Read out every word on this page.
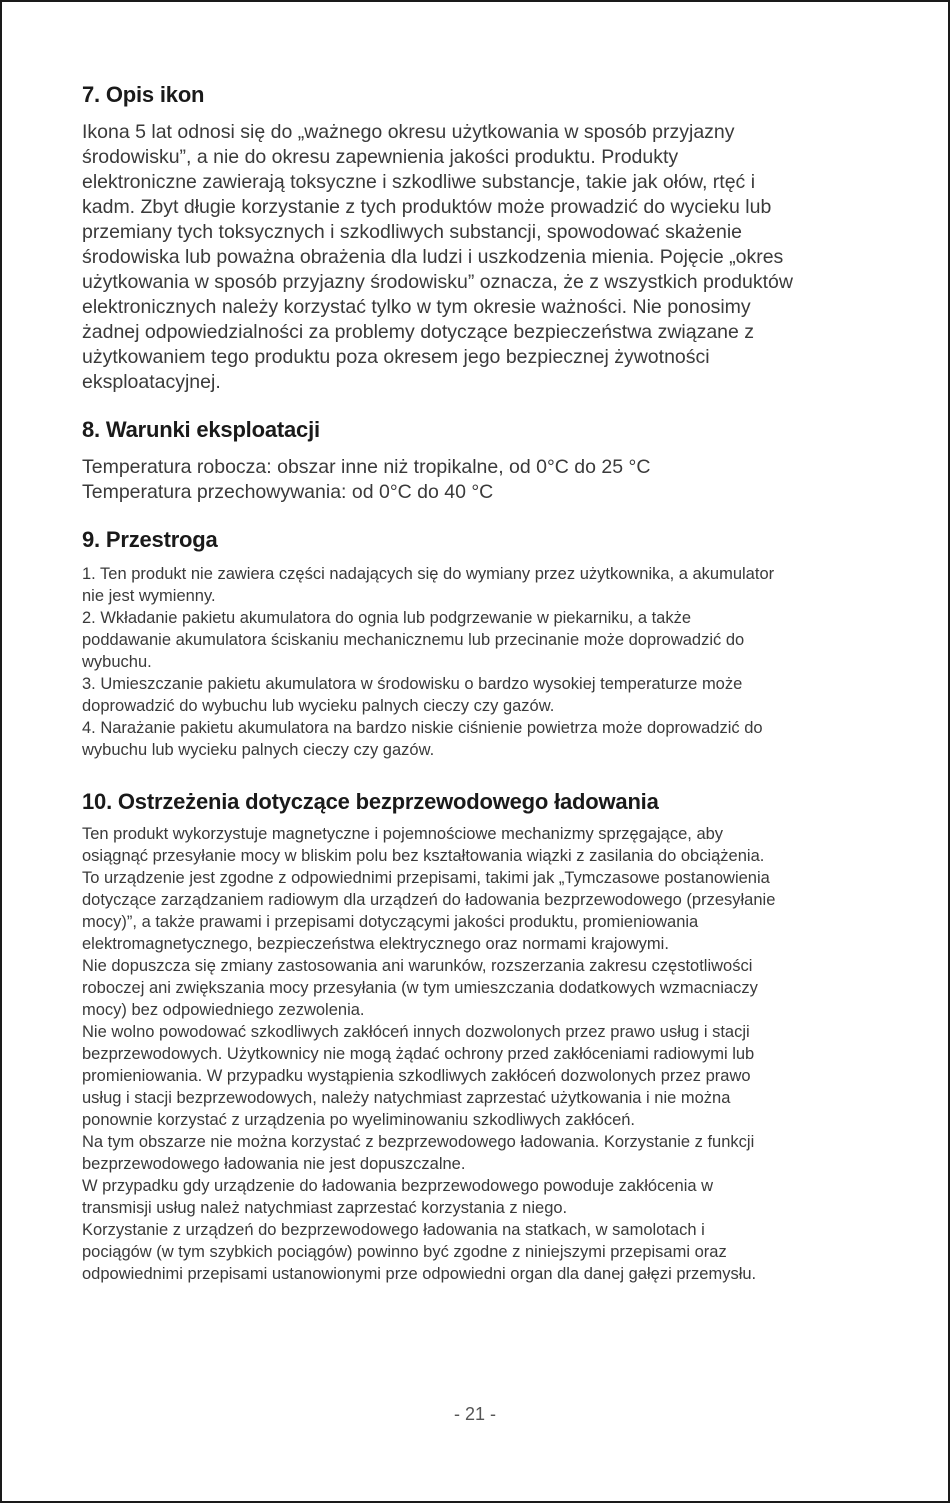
7. Opis ikon

Ikona 5 lat odnosi się do „ważnego okresu użytkowania w sposób przyjazny
środowisku”, a nie do okresu zapewnienia jakości produktu. Produkty
elektroniczne zawierają toksyczne i szkodliwe substancje, takie jak ołów, rtęć i
kadm. Zbyt długie korzystanie z tych produktów może prowadzić do wycieku lub
przemiany tych toksycznych i szkodliwych substancji, spowodować skażenie
środowiska lub poważna obrażenia dla ludzi i uszkodzenia mienia. Pojęcie „okres
użytkowania w sposób przyjazny środowisku” oznacza, że z wszystkich produktów
elektronicznych należy korzystać tylko w tym okresie ważności. Nie ponosimy
żadnej odpowiedzialności za problemy dotyczące bezpieczeństwa związane z
użytkowaniem tego produktu poza okresem jego bezpiecznej żywotności
eksploatacyjnej.

8. Warunki eksploatacji

Temperatura robocza: obszar inne niż tropikalne, od 0°C do 25 °C
Temperatura przechowywania: od 0°C do 40 °C

9. Przestroga

1. Ten produkt nie zawiera części nadających się do wymiany przez użytkownika, a akumulator
nie jest wymienny.
2. Wkładanie pakietu akumulatora do ognia lub podgrzewanie w piekarniku, a także
poddawanie akumulatora ściskaniu mechanicznemu lub przecinanie może doprowadzić do
wybuchu.
3. Umieszczanie pakietu akumulatora w środowisku o bardzo wysokiej temperaturze może
doprowadzić do wybuchu lub wycieku palnych cieczy czy gazów.
4. Narażanie pakietu akumulatora na bardzo niskie ciśnienie powietrza może doprowadzić do
wybuchu lub wycieku palnych cieczy czy gazów.

10. Ostrzeżenia dotyczące bezprzewodowego ładowania

Ten produkt wykorzystuje magnetyczne i pojemnościowe mechanizmy sprzęgające, aby
osiągnąć przesyłanie mocy w bliskim polu bez kształtowania wiązki z zasilania do obciążenia.
To urządzenie jest zgodne z odpowiednimi przepisami, takimi jak „Tymczasowe postanowienia
dotyczące zarządzaniem radiowym dla urządzeń do ładowania bezprzewodowego (przesyłanie
mocy)”, a także prawami i przepisami dotyczącymi jakości produktu, promieniowania
elektromagnetycznego, bezpieczeństwa elektrycznego oraz normami krajowymi.
Nie dopuszcza się zmiany zastosowania ani warunków, rozszerzania zakresu częstotliwości
roboczej ani zwiększania mocy przesyłania (w tym umieszczania dodatkowych wzmacniaczy
mocy) bez odpowiedniego zezwolenia.
Nie wolno powodować szkodliwych zakłóceń innych dozwolonych przez prawo usług i stacji
bezprzewodowych. Użytkownicy nie mogą żądać ochrony przed zakłóceniami radiowymi lub
promieniowania. W przypadku wystąpienia szkodliwych zakłóceń dozwolonych przez prawo
usług i stacji bezprzewodowych, należy natychmiast zaprzestać użytkowania i nie można
ponownie korzystać z urządzenia po wyeliminowaniu szkodliwych zakłóceń.
Na tym obszarze nie można korzystać z bezprzewodowego ładowania. Korzystanie z funkcji
bezprzewodowego ładowania nie jest dopuszczalne.
W przypadku gdy urządzenie do ładowania bezprzewodowego powoduje zakłócenia w
transmisji usług należ natychmiast zaprzestać korzystania z niego.
Korzystanie z urządzeń do bezprzewodowego ładowania na statkach, w samolotach i
pociągów (w tym szybkich pociągów) powinno być zgodne z niniejszymi przepisami oraz
odpowiednimi przepisami ustanowionymi prze odpowiedni organ dla danej gałęzi przemysłu.

- 21 -
